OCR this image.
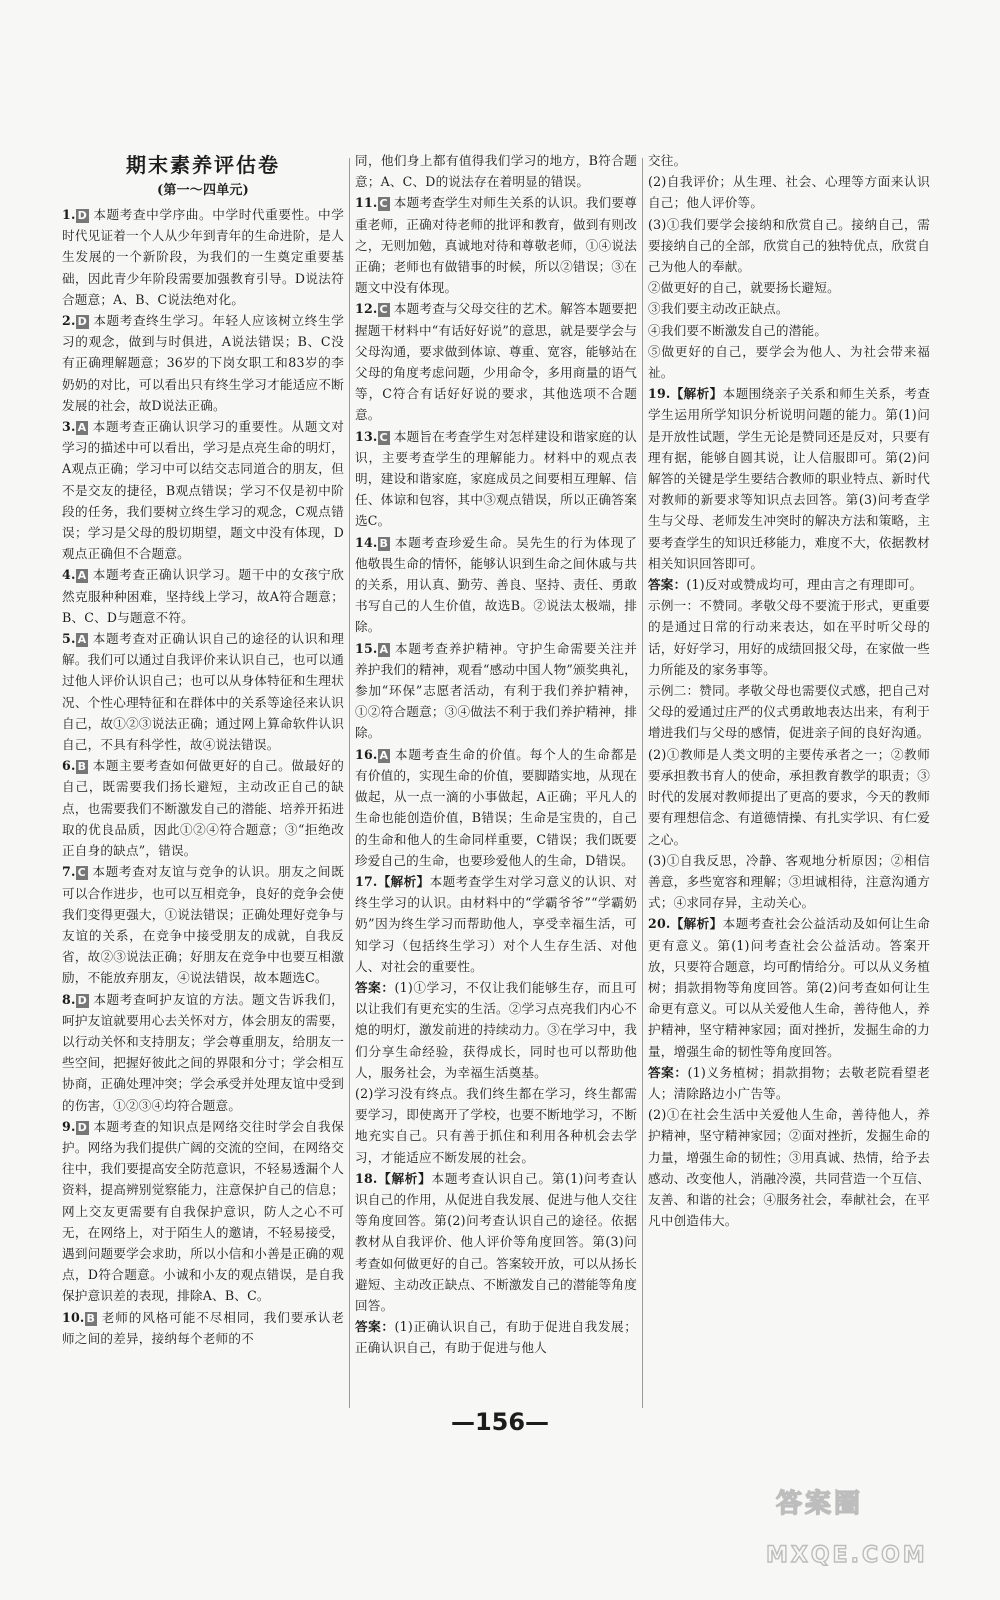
期末素养评估卷
(第一～四单元)

1. D 本题考查中学序曲。中学时代重要性。中学时代见证着一个人从少年到青年的生命进阶，是人生发展的一个新阶段，为我们的一生奠定重要基础，因此青少年阶段需要加强教育引导。D说法符合题意；A、B、C说法绝对化。

2. D 本题考查终生学习。年轻人应该树立终生学习的观念，做到与时俱进，A说法错误；B、C没有正确理解题意；36岁的下岗女职工和83岁的李奶奶的对比，可以看出只有终生学习才能适应不断发展的社会，故D说法正确。

3. A 本题考查正确认识学习的重要性。从题文对学习的描述中可以看出，学习是点亮生命的明灯，A观点正确；学习中可以结交志同道合的朋友，但不是交友的捷径，B观点错误；学习不仅是初中阶段的任务，我们要树立终生学习的观念，C观点错误；学习是父母的殷切期望，题文中没有体现，D观点正确但不合题意。

4. A 本题考查正确认识学习。题干中的女孩宁欣然克服种种困难，坚持线上学习，故A符合题意；B、C、D与题意不符。

5. A 本题考查对正确认识自己的途径的认识和理解。我们可以通过自我评价来认识自己，也可以通过他人评价认识自己；也可以从身体特征和生理状况、个性心理特征和在群体中的关系等途径来认识自己，故①②③说法正确；通过网上算命软件认识自己，不具有科学性，故④说法错误。

6. B 本题主要考查如何做更好的自己。做最好的自己，既需要我们扬长避短，主动改正自己的缺点，也需要我们不断激发自己的潜能、培养开拓进取的优良品质，因此①②④符合题意；③“拒绝改正自身的缺点”，错误。

7. C 本题考查对友谊与竞争的认识。朋友之间既可以合作进步，也可以互相竞争，良好的竞争会使我们变得更强大，①说法错误；正确处理好竞争与友谊的关系，在竞争中接受朋友的成就，自我反省，故②③说法正确；好朋友在竞争中也要互相激励，不能放弃朋友，④说法错误，故本题选C。

8. D 本题考查呵护友谊的方法。题文告诉我们，呵护友谊就要用心去关怀对方，体会朋友的需要，以行动关怀和支持朋友；学会尊重朋友，给朋友一些空间，把握好彼此之间的界限和分寸；学会相互协商，正确处理冲突；学会承受并处理友谊中受到的伤害，①②③④均符合题意。

9. D 本题考查的知识点是网络交往时学会自我保护。网络为我们提供广阔的交流的空间，在网络交往中，我们要提高安全防范意识，不轻易透漏个人资料，提高辨别觉察能力，注意保护自己的信息；网上交友更需要有自我保护意识，防人之心不可无，在网络上，对于陌生人的邀请，不轻易接受，遇到问题要学会求助，所以小信和小善是正确的观点，D符合题意。小诚和小友的观点错误，是自我保护意识差的表现，排除A、B、C。

10. B 老师的风格可能不尽相同，我们要承认老师之间的差异，接纳每个老师的不

同，他们身上都有值得我们学习的地方，B符合题意；A、C、D的说法存在着明显的错误。

11. C 本题考查学生对师生关系的认识。我们要尊重老师，正确对待老师的批评和教育，做到有则改之，无则加勉，真诚地对待和尊敬老师，①④说法正确；老师也有做错事的时候，所以②错误；③在题文中没有体现。

12. C 本题考查与父母交往的艺术。解答本题要把握题干材料中“有话好好说”的意思，就是要学会与父母沟通，要求做到体谅、尊重、宽容，能够站在父母的角度考虑问题，少用命令，多用商量的语气等，C符合有话好好说的要求，其他选项不合题意。

13. C 本题旨在考查学生对怎样建设和谐家庭的认识，主要考查学生的理解能力。材料中的观点表明，建设和谐家庭，家庭成员之间要相互理解、信任、体谅和包容，其中③观点错误，所以正确答案选C。

14. B 本题考查珍爱生命。吴先生的行为体现了他敬畏生命的情怀，能够认识到生命之间休戚与共的关系，用认真、勤劳、善良、坚持、责任、勇敢书写自己的人生价值，故选B。②说法太极端，排除。

15. A 本题考查养护精神。守护生命需要关注并养护我们的精神，观看“感动中国人物”颁奖典礼，参加“环保”志愿者活动，有利于我们养护精神，①②符合题意；③④做法不利于我们养护精神，排除。

16. A 本题考查生命的价值。每个人的生命都是有价值的，实现生命的价值，要脚踏实地，从现在做起，从一点一滴的小事做起，A正确；平凡人的生命也能创造价值，B错误；生命是宝贵的，自己的生命和他人的生命同样重要，C错误；我们既要珍爱自己的生命，也要珍爱他人的生命，D错误。

17.【解析】本题考查学生对学习意义的认识、对终生学习的认识。由材料中的“学霸爷爷”“学霸奶奶”因为终生学习而帮助他人，享受幸福生活，可知学习（包括终生学习）对个人生存生活、对他人、对社会的重要性。

答案：(1)①学习，不仅让我们能够生存，而且可以让我们有更充实的生活。②学习点亮我们内心不熄的明灯，激发前进的持续动力。③在学习中，我们分享生命经验，获得成长，同时也可以帮助他人，服务社会，为幸福生活奠基。

(2)学习没有终点。我们终生都在学习，终生都需要学习，即使离开了学校，也要不断地学习，不断地充实自己。只有善于抓住和利用各种机会去学习，才能适应不断发展的社会。

18.【解析】本题考查认识自己。第(1)问考查认识自己的作用，从促进自我发展、促进与他人交往等角度回答。第(2)问考查认识自己的途径。依据教材从自我评价、他人评价等角度回答。第(3)问考查如何做更好的自己。答案较开放，可以从扬长避短、主动改正缺点、不断激发自己的潜能等角度回答。

答案：(1)正确认识自己，有助于促进自我发展；正确认识自己，有助于促进与他人

交往。

(2)自我评价；从生理、社会、心理等方面来认识自己；他人评价等。

(3)①我们要学会接纳和欣赏自己。接纳自己，需要接纳自己的全部，欣赏自己的独特优点，欣赏自己为他人的奉献。

②做更好的自己，就要扬长避短。

③我们要主动改正缺点。

④我们要不断激发自己的潜能。

⑤做更好的自己，要学会为他人、为社会带来福祉。

19.【解析】本题围绕亲子关系和师生关系，考查学生运用所学知识分析说明问题的能力。第(1)问是开放性试题，学生无论是赞同还是反对，只要有理有据，能够自圆其说，让人信服即可。第(2)问解答的关键是学生要结合教师的职业特点、新时代对教师的新要求等知识点去回答。第(3)问考查学生与父母、老师发生冲突时的解决方法和策略，主要考查学生的知识迁移能力，难度不大，依据教材相关知识回答即可。

答案：(1)反对或赞成均可，理由言之有理即可。

示例一：不赞同。孝敬父母不要流于形式，更重要的是通过日常的行动来表达，如在平时听父母的话，好好学习，用好的成绩回报父母，在家做一些力所能及的家务事等。

示例二：赞同。孝敬父母也需要仪式感，把自己对父母的爱通过庄严的仪式勇敢地表达出来，有利于增进我们与父母的感情，促进亲子间的良好沟通。

(2)①教师是人类文明的主要传承者之一；②教师要承担教书育人的使命，承担教育教学的职责；③时代的发展对教师提出了更高的要求，今天的教师要有理想信念、有道德情操、有扎实学识、有仁爱之心。

(3)①自我反思，冷静、客观地分析原因；②相信善意，多些宽容和理解；③坦诚相待，注意沟通方式；④求同存异，主动关心。

20.【解析】本题考查社会公益活动及如何让生命更有意义。第(1)问考查社会公益活动。答案开放，只要符合题意，均可酌情给分。可以从义务植树；捐款捐物等角度回答。第(2)问考查如何让生命更有意义。可以从关爱他人生命，善待他人，养护精神，坚守精神家园；面对挫折，发掘生命的力量，增强生命的韧性等角度回答。

答案：(1)义务植树；捐款捐物；去敬老院看望老人；清除路边小广告等。

(2)①在社会生活中关爱他人生命，善待他人，养护精神，坚守精神家园；②面对挫折，发掘生命的力量，增强生命的韧性；③用真诚、热情，给予去感动、改变他人，消融冷漠，共同营造一个互信、友善、和谐的社会；④服务社会，奉献社会，在平凡中创造伟大。

—156—
答案圈
MXQE.COM
